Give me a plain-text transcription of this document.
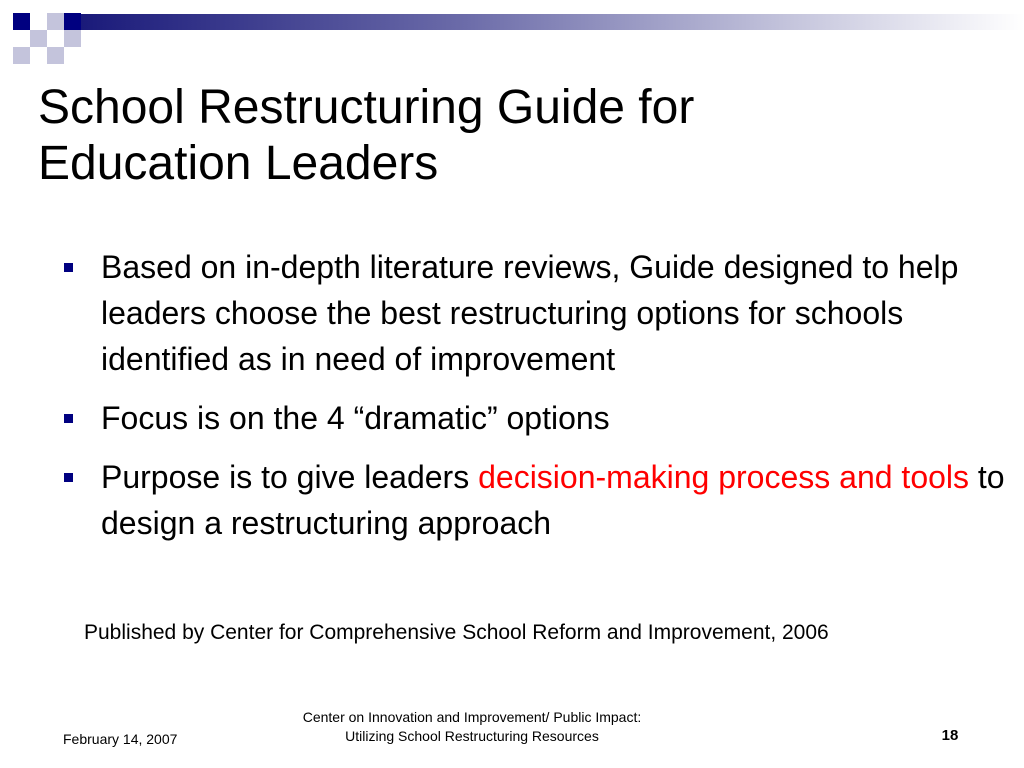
School Restructuring Guide for
Education Leaders
Based on in-depth literature reviews, Guide designed to help leaders choose the best restructuring options for schools identified as in need of improvement
Focus is on the 4 “dramatic” options
Purpose is to give leaders decision-making process and tools to design a restructuring approach
Published by Center for Comprehensive School Reform and Improvement, 2006
February 14, 2007
Center on Innovation and Improvement/ Public Impact:
Utilizing School Restructuring Resources	18
